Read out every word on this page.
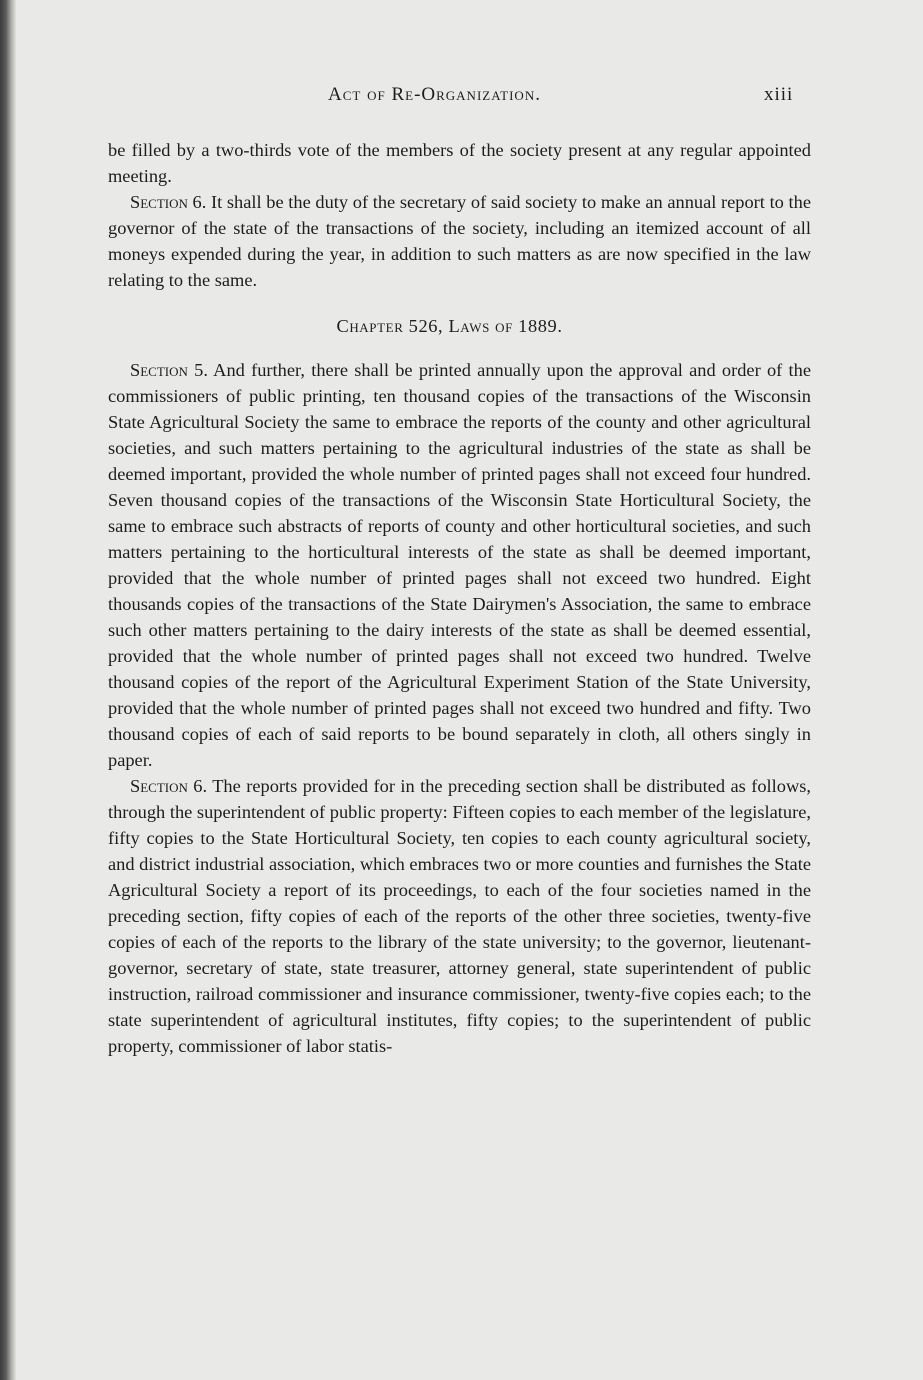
Act of Re-Organization.	xiii

be filled by a two-thirds vote of the members of the society present at any regular appointed meeting.

Section 6. It shall be the duty of the secretary of said society to make an annual report to the governor of the state of the transactions of the society, including an itemized account of all moneys expended during the year, in addition to such matters as are now specified in the law relating to the same.

Chapter 526, Laws of 1889.

Section 5. And further, there shall be printed annually upon the approval and order of the commissioners of public printing, ten thousand copies of the transactions of the Wisconsin State Agricultural Society the same to embrace the reports of the county and other agricultural societies, and such matters pertaining to the agricultural industries of the state as shall be deemed important, provided the whole number of printed pages shall not exceed four hundred. Seven thousand copies of the transactions of the Wisconsin State Horticultural Society, the same to embrace such abstracts of reports of county and other horticultural societies, and such matters pertaining to the horticultural interests of the state as shall be deemed important, provided that the whole number of printed pages shall not exceed two hundred. Eight thousands copies of the transactions of the State Dairymen's Association, the same to embrace such other matters pertaining to the dairy interests of the state as shall be deemed essential, provided that the whole number of printed pages shall not exceed two hundred. Twelve thousand copies of the report of the Agricultural Experiment Station of the State University, provided that the whole number of printed pages shall not exceed two hundred and fifty. Two thousand copies of each of said reports to be bound separately in cloth, all others singly in paper.

Section 6. The reports provided for in the preceding section shall be distributed as follows, through the superintendent of public property: Fifteen copies to each member of the legislature, fifty copies to the State Horticultural Society, ten copies to each county agricultural society, and district industrial association, which embraces two or more counties and furnishes the State Agricultural Society a report of its proceedings, to each of the four societies named in the preceding section, fifty copies of each of the reports of the other three societies, twenty-five copies of each of the reports to the library of the state university; to the governor, lieutenant-governor, secretary of state, state treasurer, attorney general, state superintendent of public instruction, railroad commissioner and insurance commissioner, twenty-five copies each; to the state superintendent of agricultural institutes, fifty copies; to the superintendent of public property, commissioner of labor statis-
